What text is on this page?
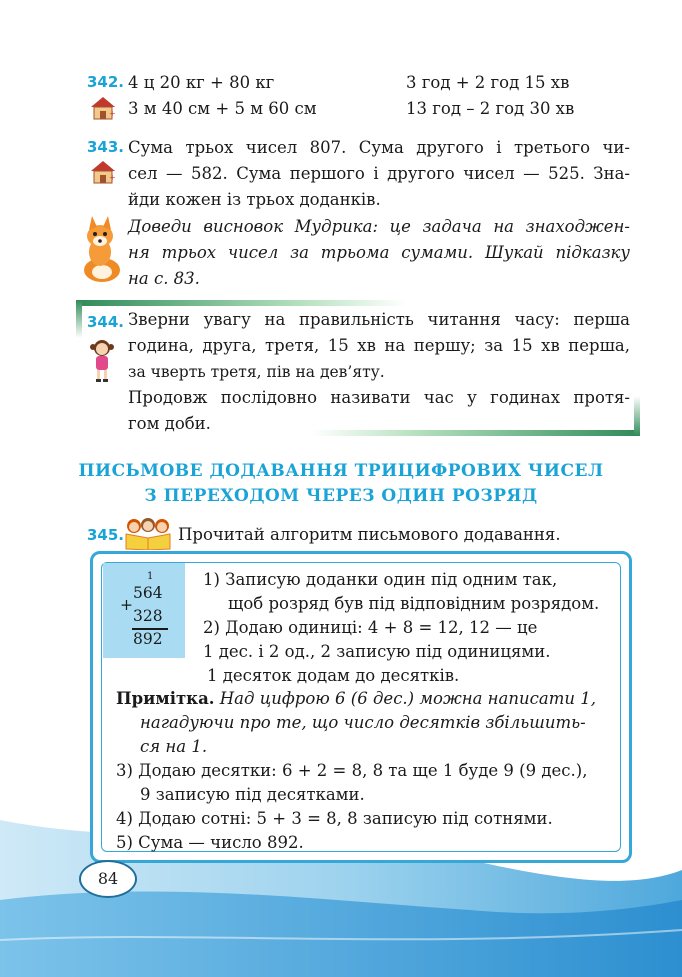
342. 4 ц 20 кг + 80 кг	3 год + 2 год 15 хв
+ 3 м 40 см + 5 м 60 см	13 год – 2 год 30 хв
343.
+
Сума трьох чисел 807. Сума другого і третього чи-
сел — 582. Сума першого і другого чисел — 525. Зна-
йди кожен із трьох доданків.
Доведи висновок Мудрика: це задача на знаходжен-
ня трьох чисел за трьома сумами. Шукай підказку
на с. 83.
344. Зверни увагу на правильність читання часу: перша
година, друга, третя, 15 хв на першу; за 15 хв перша,
за чверть третя, пів на дев’яту.
Продовж послідовно називати час у годинах протя-
гом доби.
ПИСЬМОВЕ ДОДАВАННЯ ТРИЦИФРОВИХ ЧИСЕЛ
З ПЕРЕХОДОМ ЧЕРЕЗ ОДИН РОЗРЯД
345.	Прочитай алгоритм письмового додавання.
1
564
+
328
892
1) Записую доданки один під одним так,
щоб розряд був під відповідним розрядом.
2) Додаю одиниці: 4 + 8 = 12, 12 — це
1 дес. і 2 од., 2 записую під одиницями.
1 десяток додам до десятків.
Примітка. Над цифрою 6 (6 дес.) можна написати 1,
нагадуючи про те, що число десятків збільшить-
ся на 1.
3) Додаю десятки: 6 + 2 = 8, 8 та ще 1 буде 9 (9 дес.),
9 записую під десятками.
4) Додаю сотні: 5 + 3 = 8, 8 записую під сотнями.
5) Сума — число 892.
84
